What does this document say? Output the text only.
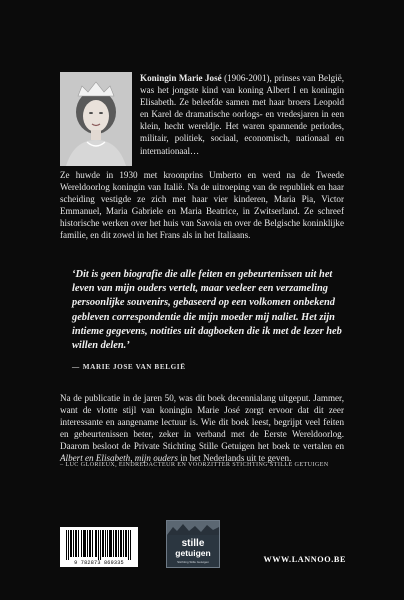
Koningin Marie José (1906-2001), prinses van België, was het jongste kind van koning Albert I en koningin Elisabeth. Ze beleefde samen met haar broers Leopold en Karel de dramatische oorlogs- en vredesjaren in een klein, hecht wereldje. Het waren spannende periodes, militair, politiek, sociaal, economisch, nationaal en internationaal…
Ze huwde in 1930 met kroonprins Umberto en werd na de Tweede Wereldoorlog koningin van Italië. Na de uitroeping van de republiek en haar scheiding vestigde ze zich met haar vier kinderen, Maria Pia, Victor Emmanuel, Maria Gabriele en Maria Beatrice, in Zwitserland. Ze schreef historische werken over het huis van Savoia en over de Belgische koninklijke familie, en dit zowel in het Frans als in het Italiaans.

‘Dit is geen biografie die alle feiten en gebeurtenissen uit het leven van mijn ouders vertelt, maar veeleer een verzameling persoonlijke souvenirs, gebaseerd op een volkomen onbekend gebleven correspondentie die mijn moeder mij naliet. Het zijn intieme gegevens, notities uit dagboeken die ik met de lezer heb willen delen.’

— MARIE JOSE VAN BELGIË
Na de publicatie in de jaren 50, was dit boek decennialang uitgeput. Jammer, want de vlotte stijl van koningin Marie José zorgt ervoor dat dit zeer interessante en aangename lectuur is. Wie dit boek leest, begrijpt veel feiten en gebeurtenissen beter, zeker in verband met de Eerste Wereldoorlog. Daarom besloot de Private Stichting Stille Getuigen het boek te vertalen en Albert en Elisabeth, mijn ouders in het Nederlands uit te geven.
– LUC GLORIEUX, EINDREDACTEUR EN VOORZITTER STICHTING STILLE GETUIGEN
9 782873 869335
stille
getuigen
Stichting Stille Getuigen	WWW.LANNOO.BE
